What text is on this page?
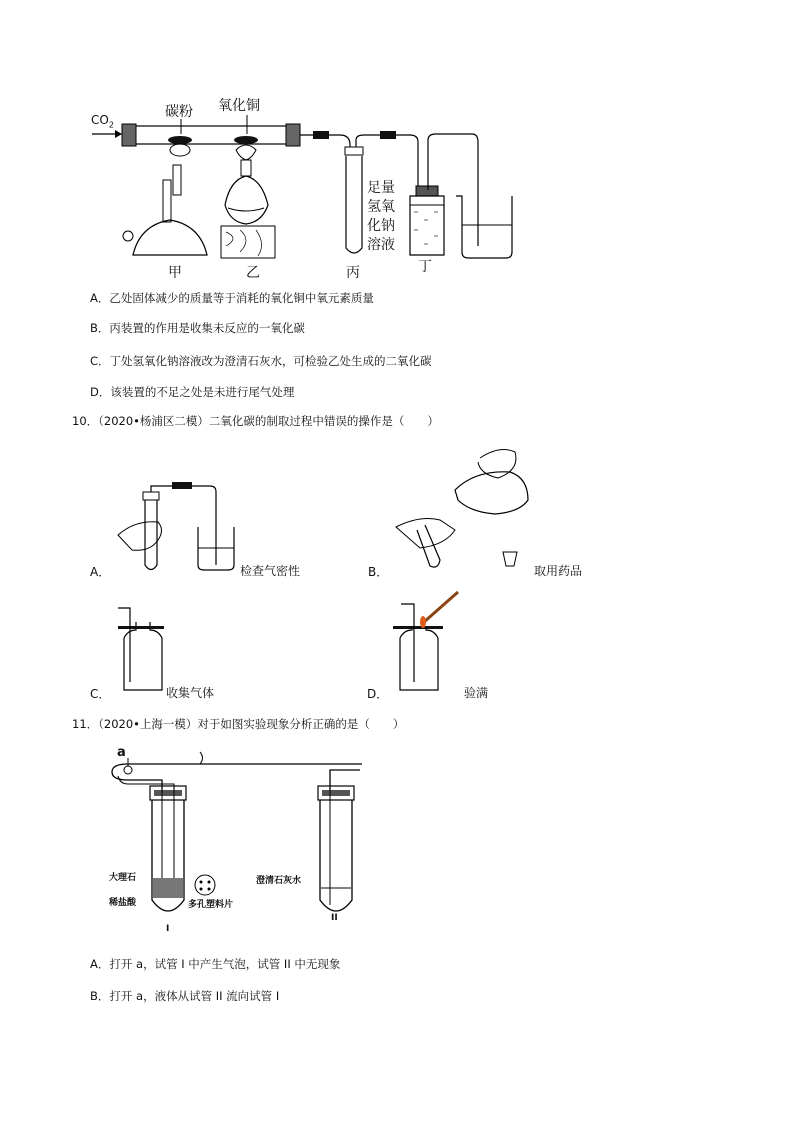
$CO_2$
碳粉 氧化铜
甲	乙	丙	丁
足量
氢氧
化钠
溶液
A．乙处固体减少的质量等于消耗的氧化铜中氧元素质量
B．丙装置的作用是收集未反应的一氧化碳
C．丁处氢氧化钠溶液改为澄清石灰水，可检验乙处生成的二氧化碳
D．该装置的不足之处是未进行尾气处理
10．（2020•杨浦区二模）二氧化碳的制取过程中错误的操作是（　　）
A．	检查气密性	B．	取用药品
C．	收集气体	D．	验满
11．（2020•上海一模）对于如图实验现象分析正确的是（　　）
a
大理石
稀盐酸	多孔塑料片
澄清石灰水
I
II
A．打开 a，试管 I 中产生气泡，试管 II 中无现象
B．打开 a，液体从试管 II 流向试管 I
